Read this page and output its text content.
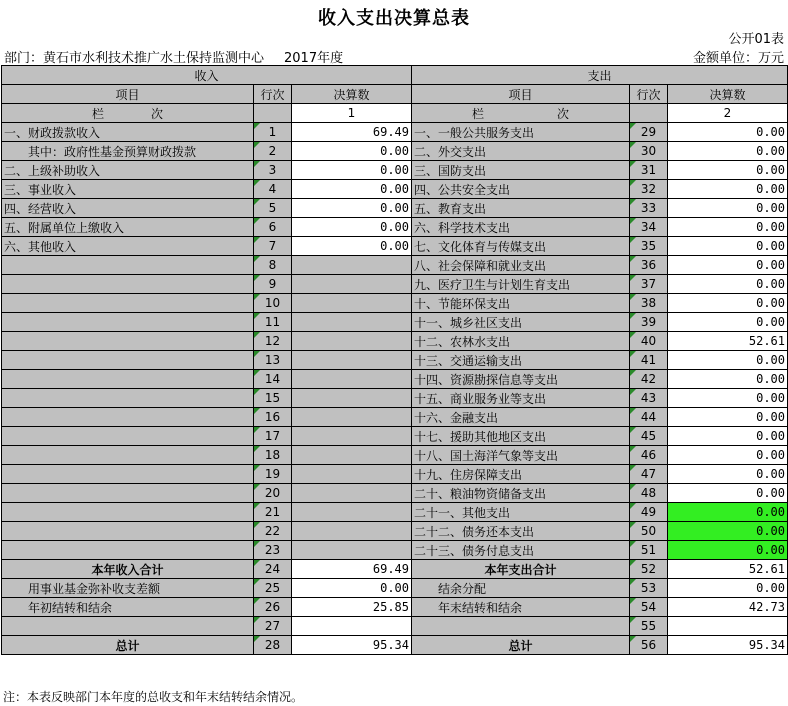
收入支出决算总表
公开01表
部门：黄石市水利技术推广水土保持监测中心 2017年度	金额单位：万元
收入			支出		
项目	行次	决算数	项目	行次	决算数
栏 次		1	栏 次		2
一、财政拨款收入	1	69.49	一、一般公共服务支出	29	0.00
其中：政府性基金预算财政拨款	2	0.00	二、外交支出	30	0.00
二、上级补助收入	3	0.00	三、国防支出	31	0.00
三、事业收入	4	0.00	四、公共安全支出	32	0.00
四、经营收入	5	0.00	五、教育支出	33	0.00
五、附属单位上缴收入	6	0.00	六、科学技术支出	34	0.00
六、其他收入	7	0.00	七、文化体育与传媒支出	35	0.00
	8		八、社会保障和就业支出	36	0.00
	9		九、医疗卫生与计划生育支出	37	0.00
	10		十、节能环保支出	38	0.00
	11		十一、城乡社区支出	39	0.00
	12		十二、农林水支出	40	52.61
	13		十三、交通运输支出	41	0.00
	14		十四、资源勘探信息等支出	42	0.00
	15		十五、商业服务业等支出	43	0.00
	16		十六、金融支出	44	0.00
	17		十七、援助其他地区支出	45	0.00
	18		十八、国土海洋气象等支出	46	0.00
	19		十九、住房保障支出	47	0.00
	20		二十、粮油物资储备支出	48	0.00
	21		二十一、其他支出	49	0.00
	22		二十二、债务还本支出	50	0.00
	23		二十三、债务付息支出	51	0.00
本年收入合计	24	69.49	本年支出合计	52	52.61
用事业基金弥补收支差额	25	0.00	结余分配	53	0.00
年初结转和结余	26	25.85	年末结转和结余	54	42.73
	27			55	
总计	28	95.34	总计	56	95.34
注：本表反映部门本年度的总收支和年末结转结余情况。
